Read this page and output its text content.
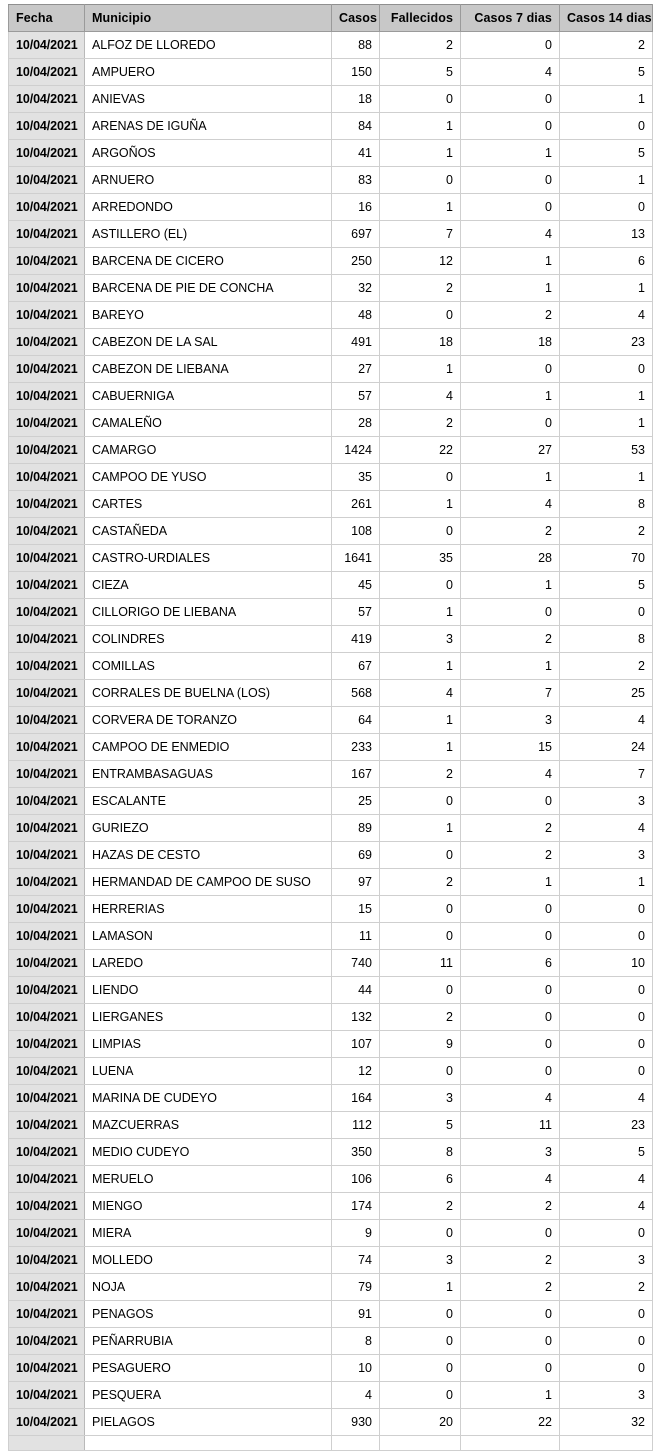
Fecha	Municipio	Casos	Fallecidos	Casos 7 dias	Casos 14 dias
10/04/2021	ALFOZ DE LLOREDO	88	2	0	2
10/04/2021	AMPUERO	150	5	4	5
10/04/2021	ANIEVAS	18	0	0	1
10/04/2021	ARENAS DE IGUÑA	84	1	0	0
10/04/2021	ARGOÑOS	41	1	1	5
10/04/2021	ARNUERO	83	0	0	1
10/04/2021	ARREDONDO	16	1	0	0
10/04/2021	ASTILLERO (EL)	697	7	4	13
10/04/2021	BARCENA DE CICERO	250	12	1	6
10/04/2021	BARCENA DE PIE DE CONCHA	32	2	1	1
10/04/2021	BAREYO	48	0	2	4
10/04/2021	CABEZON DE LA SAL	491	18	18	23
10/04/2021	CABEZON DE LIEBANA	27	1	0	0
10/04/2021	CABUERNIGA	57	4	1	1
10/04/2021	CAMALEÑO	28	2	0	1
10/04/2021	CAMARGO	1424	22	27	53
10/04/2021	CAMPOO DE YUSO	35	0	1	1
10/04/2021	CARTES	261	1	4	8
10/04/2021	CASTAÑEDA	108	0	2	2
10/04/2021	CASTRO-URDIALES	1641	35	28	70
10/04/2021	CIEZA	45	0	1	5
10/04/2021	CILLORIGO DE LIEBANA	57	1	0	0
10/04/2021	COLINDRES	419	3	2	8
10/04/2021	COMILLAS	67	1	1	2
10/04/2021	CORRALES DE BUELNA (LOS)	568	4	7	25
10/04/2021	CORVERA DE TORANZO	64	1	3	4
10/04/2021	CAMPOO DE ENMEDIO	233	1	15	24
10/04/2021	ENTRAMBASAGUAS	167	2	4	7
10/04/2021	ESCALANTE	25	0	0	3
10/04/2021	GURIEZO	89	1	2	4
10/04/2021	HAZAS DE CESTO	69	0	2	3
10/04/2021	HERMANDAD DE CAMPOO DE SUSO	97	2	1	1
10/04/2021	HERRERIAS	15	0	0	0
10/04/2021	LAMASON	11	0	0	0
10/04/2021	LAREDO	740	11	6	10
10/04/2021	LIENDO	44	0	0	0
10/04/2021	LIERGANES	132	2	0	0
10/04/2021	LIMPIAS	107	9	0	0
10/04/2021	LUENA	12	0	0	0
10/04/2021	MARINA DE CUDEYO	164	3	4	4
10/04/2021	MAZCUERRAS	112	5	11	23
10/04/2021	MEDIO CUDEYO	350	8	3	5
10/04/2021	MERUELO	106	6	4	4
10/04/2021	MIENGO	174	2	2	4
10/04/2021	MIERA	9	0	0	0
10/04/2021	MOLLEDO	74	3	2	3
10/04/2021	NOJA	79	1	2	2
10/04/2021	PENAGOS	91	0	0	0
10/04/2021	PEÑARRUBIA	8	0	0	0
10/04/2021	PESAGUERO	10	0	0	0
10/04/2021	PESQUERA	4	0	1	3
10/04/2021	PIELAGOS	930	20	22	32
